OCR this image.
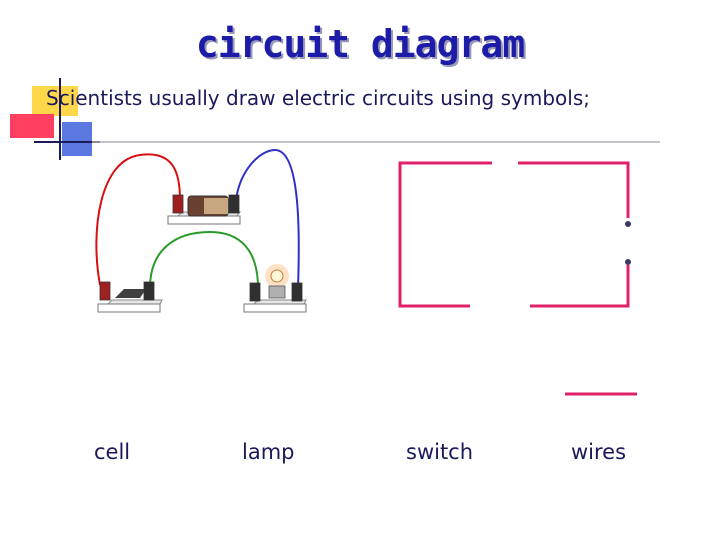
circuit diagram
Scientists usually draw electric circuits using symbols;
cell	lamp	switch	wires
